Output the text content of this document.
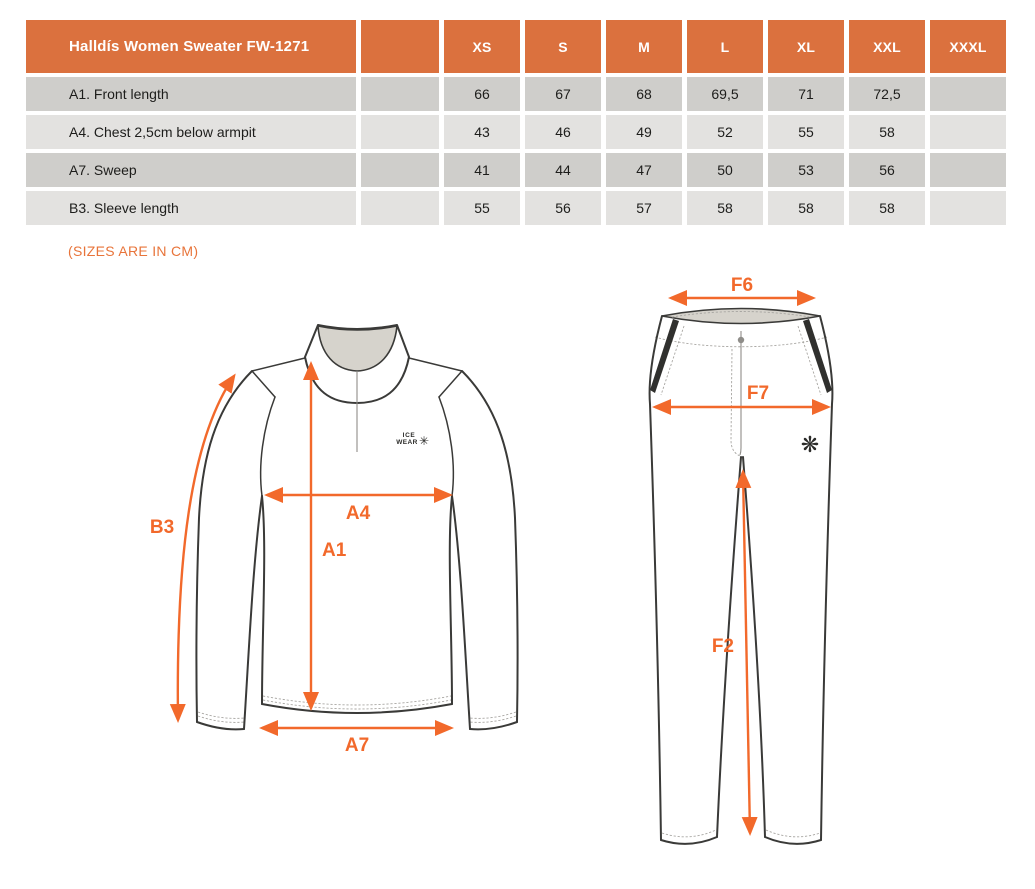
Halldís Women Sweater FW-1271	XS	S	M	L	XL	XXL	XXXL
A1. Front length	66	67	68	69,5	71	72,5
A4. Chest 2,5cm below armpit	43	46	49	52	55	58
A7. Sweep	41	44	47	50	53	56
B3. Sleeve length	55	56	57	58	58	58
(SIZES ARE IN CM)
ICE
WEAR ✳
B3
A1
A4
A7
❋
F6
F7
F2
